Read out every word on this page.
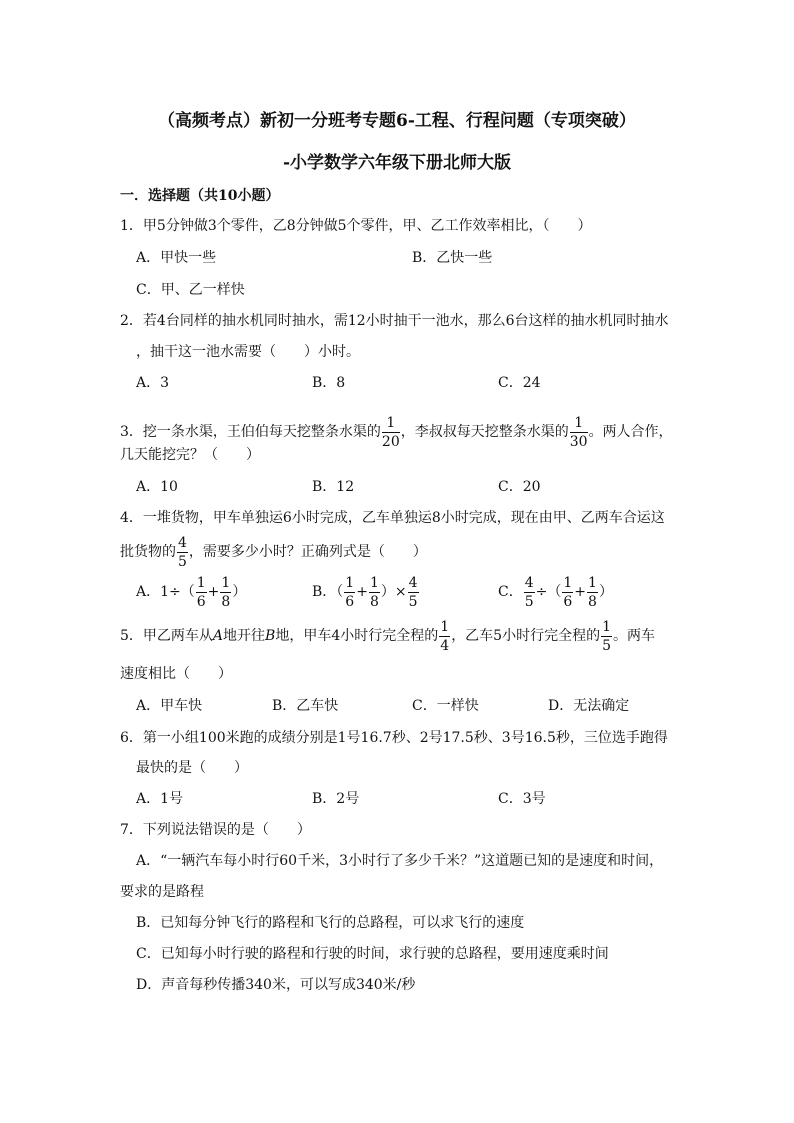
（高频考点）新初一分班考专题6-工程、行程问题（专项突破）
-小学数学六年级下册北师大版
一．选择题（共10小题）
1．甲5分钟做3个零件，乙8分钟做5个零件，甲、乙工作效率相比，（　　）
A．甲快一些	B．乙快一些
C．甲、乙一样快
2．若4台同样的抽水机同时抽水，需12小时抽干一池水，那么6台这样的抽水机同时抽水
，抽干这一池水需要（　　）小时。
A．3	B．8	C．24
3．挖一条水渠，王伯伯每天挖整条水渠的 $\frac{1}{20}$ ，李叔叔每天挖整条水渠的 $\frac{1}{30}$ 。两人合作，
几天能挖完？（　　）
A．10	B．12	C．20
4．一堆货物，甲车单独运6小时完成，乙车单独运8小时完成，现在由甲、乙两车合运这
批货物的 $\frac{4}{5}$ ，需要多少小时？正确列式是（　　）
A．$1\div( \frac{1}{6} + \frac{1}{8}$ ）	B．（ $\frac{1}{6} + \frac{1}{8}$ ）× $\frac{4}{5}$	C． $\frac{4}{5}$ ÷（ $\frac{1}{6} + \frac{1}{8}$ ）
5．甲乙两车从A地开往B地，甲车4小时行完全程的 $\frac{1}{4}$ ，乙车5小时行完全程的 $\frac{1}{5}$ 。两车
速度相比（　　）
A．甲车快	B．乙车快	C．一样快	D．无法确定
6．第一小组100米跑的成绩分别是1号16.7秒、2号17.5秒、3号16.5秒，三位选手跑得
最快的是（　　）
A．1号	B．2号	C．3号
7．下列说法错误的是（　　）
A．“一辆汽车每小时行60千米，3小时行了多少千米？”这道题已知的是速度和时间，
要求的是路程
B．已知每分钟飞行的路程和飞行的总路程，可以求飞行的速度
C．已知每小时行驶的路程和行驶的时间，求行驶的总路程，要用速度乘时间
D．声音每秒传播340米，可以写成340米/秒
